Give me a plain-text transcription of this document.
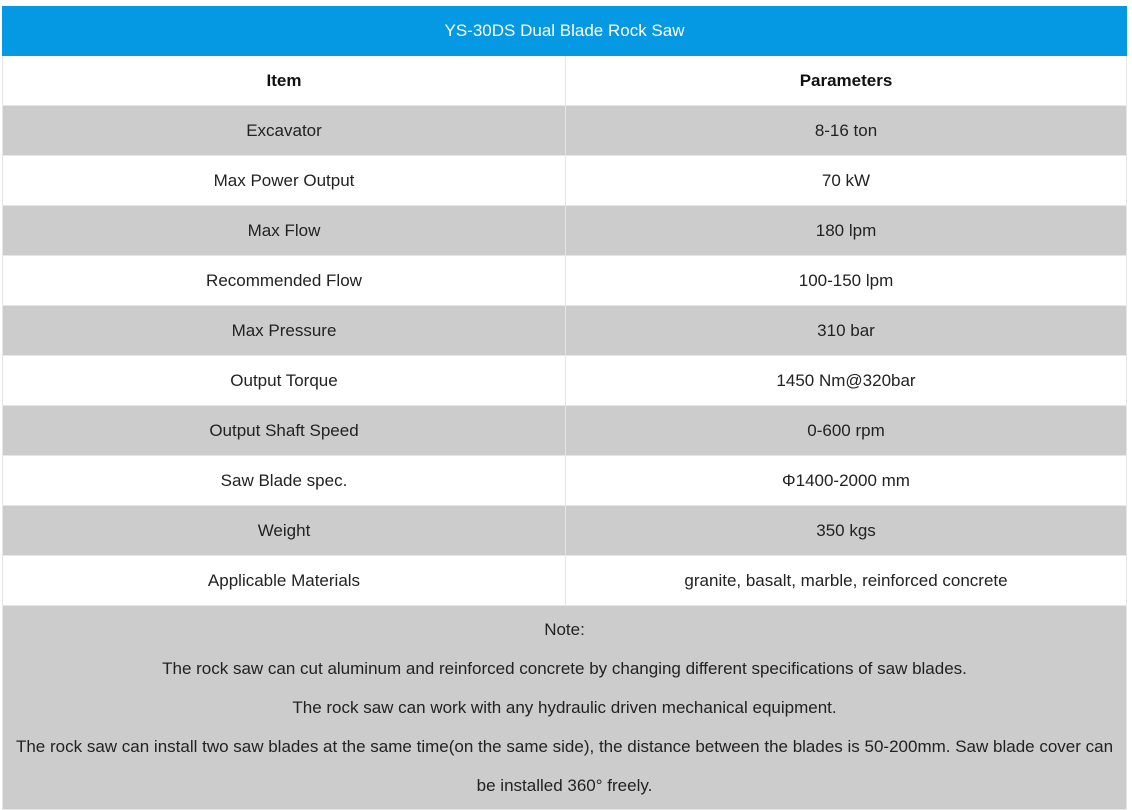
YS-30DS Dual Blade Rock Saw	
Item	Parameters
Excavator	8-16 ton
Max Power Output	70 kW
Max Flow	180 lpm
Recommended Flow	100-150 lpm
Max Pressure	310 bar
Output Torque	1450 Nm@320bar
Output Shaft Speed	0-600 rpm
Saw Blade spec.	Φ1400-2000 mm
Weight	350 kgs
Applicable Materials	granite, basalt, marble, reinforced concrete

Note:

The rock saw can cut aluminum and reinforced concrete by changing different specifications of saw blades.

The rock saw can work with any hydraulic driven mechanical equipment.

The rock saw can install two saw blades at the same time(on the same side), the distance between the blades is 50-200mm. Saw blade cover can be installed 360° freely.	
